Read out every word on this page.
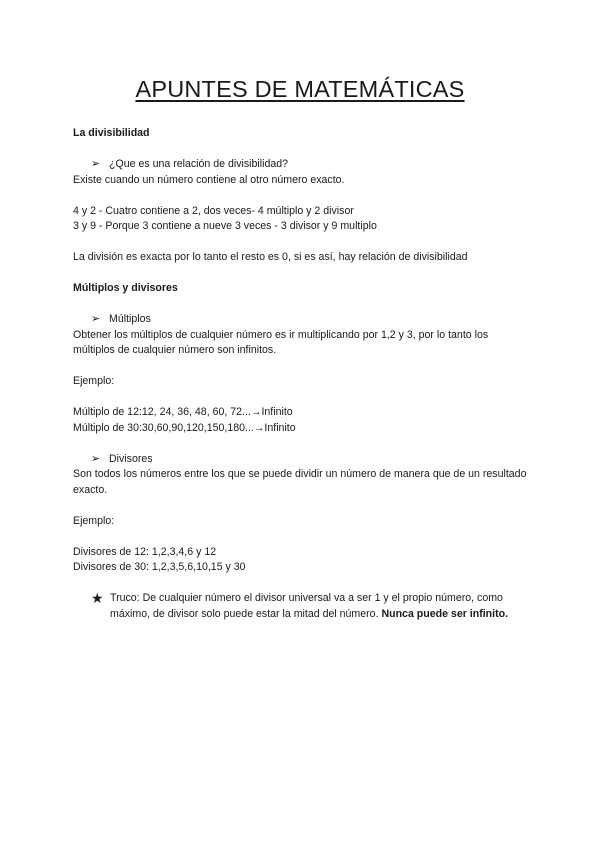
APUNTES DE MATEMÁTICAS

La divisibilidad

➢ ¿Que es una relación de divisibilidad?

Existe cuando un número contiene al otro número exacto.

4 y 2 - Cuatro contiene a 2, dos veces- 4 múltiplo y 2 divisor

3 y 9 - Porque 3 contiene a nueve 3 veces - 3 divisor y 9 multiplo

La división es exacta por lo tanto el resto es 0, si es así, hay relación de divisibilidad

Múltiplos y divisores

➢ Múltiplos

Obtener los múltiplos de cualquier número es ir multiplicando por 1,2 y 3, por lo tanto los

múltiplos de cualquier número son infinitos.

Ejemplo:

Múltiplo de 12:12, 24, 36, 48, 60, 72...→Infinito

Múltiplo de 30:30,60,90,120,150,180...→Infinito

➢ Divisores

Son todos los números entre los que se puede dividir un número de manera que de un resultado

exacto.

Ejemplo:

Divisores de 12: 1,2,3,4,6 y 12

Divisores de 30: 1,2,3,5,6,10,15 y 30

★ Truco: De cualquier número el divisor universal va a ser 1 y el propio número, como

máximo, de divisor solo puede estar la mitad del número. Nunca puede ser infinito.
